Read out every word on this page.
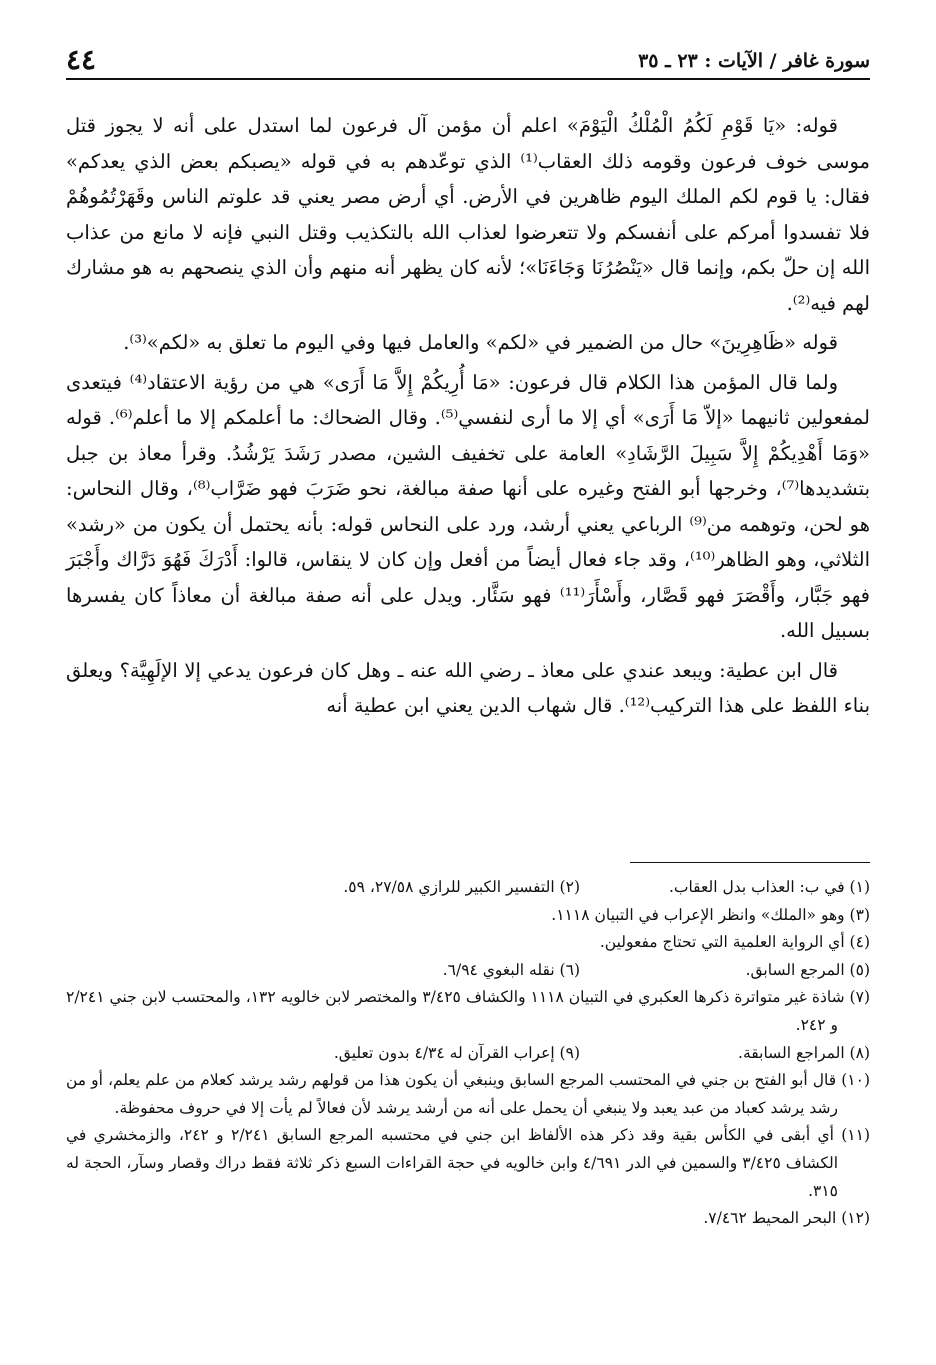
٤٤	سورة غافر / الآيات : ٢٣ ـ ٣٥

قوله: «يَا قَوْمِ لَكُمُ الْمُلْكُ الْيَوْمَ» اعلم أن مؤمن آل فرعون لما استدل على أنه لا يجوز قتل موسى خوف فرعون وقومه ذلك العقاب⁽¹⁾ الذي توعّدهم به في قوله «يصبكم بعض الذي يعدكم» فقال: يا قوم لكم الملك اليوم ظاهرين في الأرض. أي أرض مصر يعني قد علوتم الناس وقَهَرْتُمُوهُمْ فلا تفسدوا أمركم على أنفسكم ولا تتعرضوا لعذاب الله بالتكذيب وقتل النبي فإنه لا مانع من عذاب الله إن حلّ بكم، وإنما قال «يَنْصُرُنَا وَجَاءَنَا»؛ لأنه كان يظهر أنه منهم وأن الذي ينصحهم به هو مشارك لهم فيه⁽²⁾.

قوله «ظَاهِرِينَ» حال من الضمير في «لكم» والعامل فيها وفي اليوم ما تعلق به «لكم»⁽³⁾.

ولما قال المؤمن هذا الكلام قال فرعون: «مَا أُرِيكُمْ إِلاَّ مَا أَرَى» هي من رؤية الاعتقاد⁽⁴⁾ فيتعدى لمفعولين ثانيهما «إلاّ مَا أَرَى» أي إلا ما أرى لنفسي⁽⁵⁾. وقال الضحاك: ما أعلمكم إلا ما أعلم⁽⁶⁾. قوله «وَمَا أَهْدِيكُمْ إِلاَّ سَبِيلَ الرَّشَادِ» العامة على تخفيف الشين، مصدر رَشَدَ يَرْشُدُ. وقرأ معاذ بن جبل بتشديدها⁽⁷⁾، وخرجها أبو الفتح وغيره على أنها صفة مبالغة، نحو ضَرَبَ فهو ضَرَّاب⁽⁸⁾، وقال النحاس: هو لحن، وتوهمه من⁽⁹⁾ الرباعي يعني أرشد، ورد على النحاس قوله: بأنه يحتمل أن يكون من «رشد» الثلاثي، وهو الظاهر⁽¹⁰⁾، وقد جاء فعال أيضاً من أفعل وإن كان لا ينقاس، قالوا: أَدْرَكَ فَهُوَ دَرَّاك وأَجْبَرَ فهو جَبَّار، وأَقْصَرَ فهو قَصَّار، وأَسْأَرَ⁽¹¹⁾ فهو سَئَّار. ويدل على أنه صفة مبالغة أن معاذاً كان يفسرها بسبيل الله.

قال ابن عطية: ويبعد عندي على معاذ ـ رضي الله عنه ـ وهل كان فرعون يدعي إلا الإلَهِيَّة؟ ويعلق بناء اللفظ على هذا التركيب⁽¹²⁾. قال شهاب الدين يعني ابن عطية أنه

(١) في ب: العذاب بدل العقاب.

(٢) التفسير الكبير للرازي ٢٧/٥٨، ٥٩.

(٣) وهو «الملك» وانظر الإعراب في التبيان ١١١٨.

(٤) أي الرواية العلمية التي تحتاج مفعولين.

(٥) المرجع السابق.

(٦) نقله البغوي ٦/٩٤.

(٧) شاذة غير متواترة ذكرها العكبري في التبيان ١١١٨ والكشاف ٣/٤٢٥ والمختصر لابن خالويه ١٣٢، والمحتسب لابن جني ٢/٢٤١ و ٢٤٢.

(٨) المراجع السابقة.

(٩) إعراب القرآن له ٤/٣٤ بدون تعليق.

(١٠) قال أبو الفتح بن جني في المحتسب المرجع السابق وينبغي أن يكون هذا من قولهم رشد يرشد كعلام من علم يعلم، أو من رشد يرشد كعباد من عبد يعبد ولا ينبغي أن يحمل على أنه من أرشد يرشد لأن فعالاً لم يأت إلا في حروف محفوظة.

(١١) أي أبقى في الكأس بقية وقد ذكر هذه الألفاظ ابن جني في محتسبه المرجع السابق ٢/٢٤١ و ٢٤٢، والزمخشري في الكشاف ٣/٤٢٥ والسمين في الدر ٤/٦٩١ وابن خالويه في حجة القراءات السبع ذكر ثلاثة فقط دراك وقصار وسآر، الحجة له ٣١٥.

(١٢) البحر المحيط ٧/٤٦٢.
